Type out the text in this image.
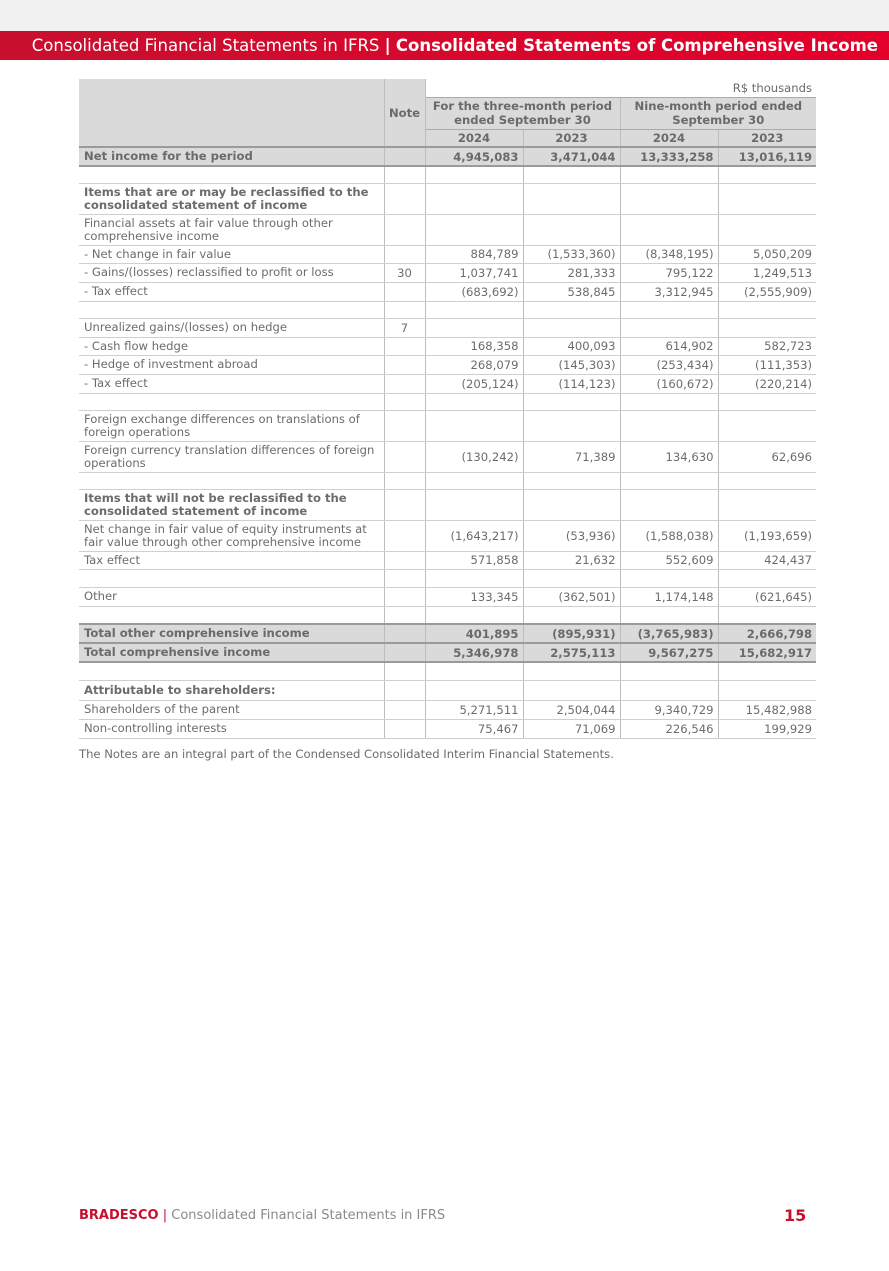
Consolidated Financial Statements in IFRS | Consolidated Statements of Comprehensive Income
	Note	R$ thousands			
		For the three-month period ended September 30		Nine-month period ended September 30	
		2024	2023	2024	2023
Net income for the period		4,945,083	3,471,044	13,333,258	13,016,119

Items that are or may be reclassified to the consolidated statement of income					
Financial assets at fair value through other comprehensive income					
- Net change in fair value		884,789	(1,533,360)	(8,348,195)	5,050,209
- Gains/(losses) reclassified to profit or loss	30	1,037,741	281,333	795,122	1,249,513
- Tax effect		(683,692)	538,845	3,312,945	(2,555,909)

Unrealized gains/(losses) on hedge	7				
- Cash flow hedge		168,358	400,093	614,902	582,723
- Hedge of investment abroad		268,079	(145,303)	(253,434)	(111,353)
- Tax effect		(205,124)	(114,123)	(160,672)	(220,214)

Foreign exchange differences on translations of foreign operations					
Foreign currency translation differences of foreign operations		(130,242)	71,389	134,630	62,696

Items that will not be reclassified to the consolidated statement of income					
Net change in fair value of equity instruments at fair value through other comprehensive income		(1,643,217)	(53,936)	(1,588,038)	(1,193,659)
Tax effect		571,858	21,632	552,609	424,437

Other		133,345	(362,501)	1,174,148	(621,645)

Total other comprehensive income		401,895	(895,931)	(3,765,983)	2,666,798
Total comprehensive income		5,346,978	2,575,113	9,567,275	15,682,917

Attributable to shareholders:					
Shareholders of the parent		5,271,511	2,504,044	9,340,729	15,482,988
Non-controlling interests		75,467	71,069	226,546	199,929
The Notes are an integral part of the Condensed Consolidated Interim Financial Statements.
BRADESCO | Consolidated Financial Statements in IFRS	15
